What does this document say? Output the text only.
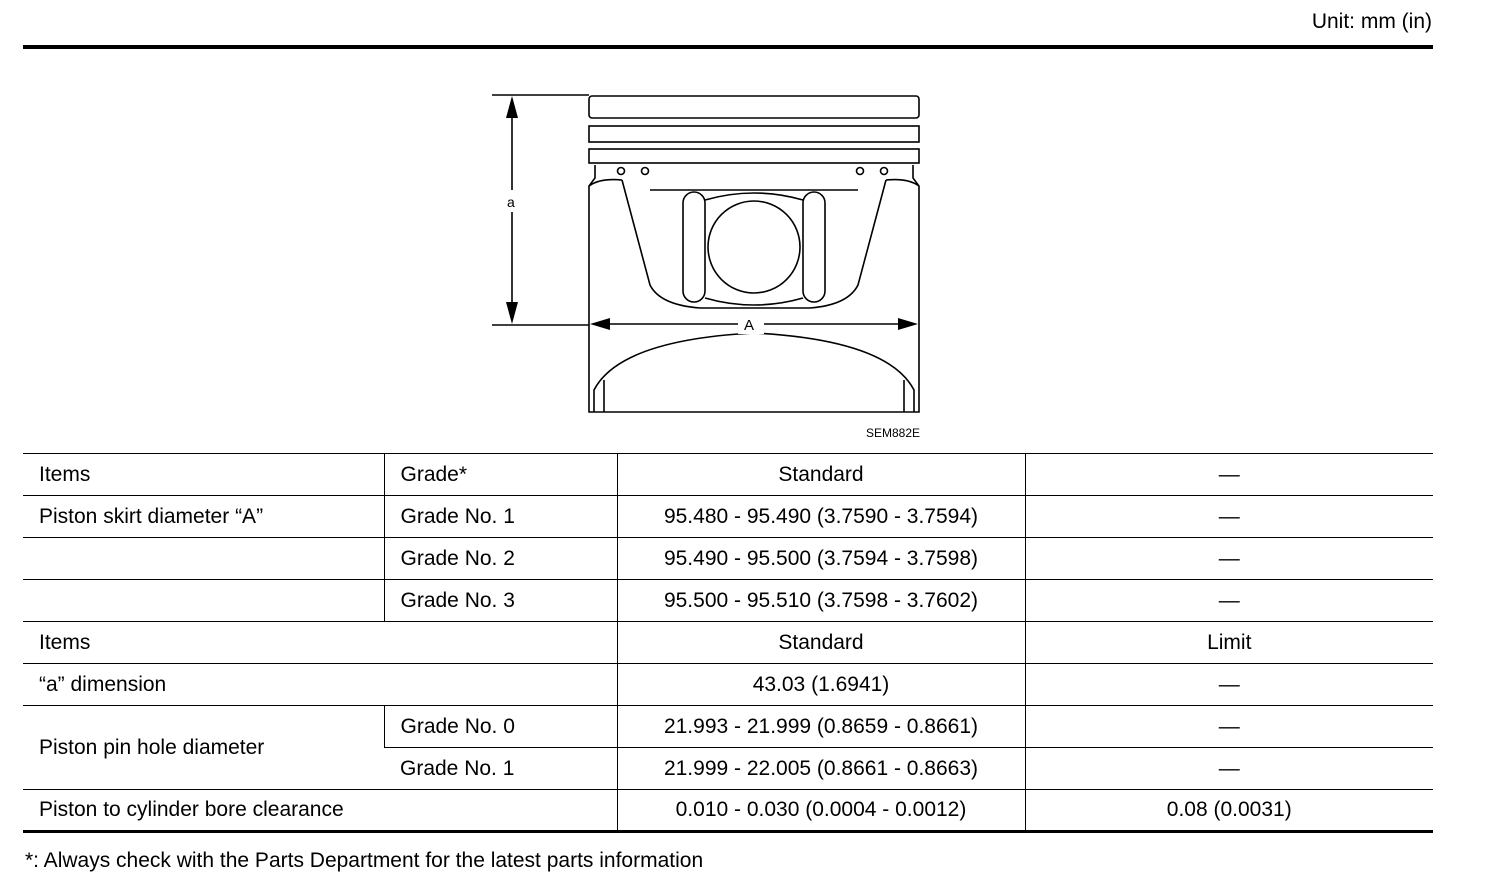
Unit: mm (in)
a
A
SEM882E
Items	Grade*	Standard	—
Piston skirt diameter “A”	Grade No. 1	95.480 - 95.490 (3.7590 - 3.7594)	—
	Grade No. 2	95.490 - 95.500 (3.7594 - 3.7598)	—
	Grade No. 3	95.500 - 95.510 (3.7598 - 3.7602)	—
Items		Standard	Limit
“a” dimension		43.03 (1.6941)	—
Piston pin hole diameter	Grade No. 0	21.993 - 21.999 (0.8659 - 0.8661)	—
	Grade No. 1	21.999 - 22.005 (0.8661 - 0.8663)	—
Piston to cylinder bore clearance		0.010 - 0.030 (0.0004 - 0.0012)	0.08 (0.0031)
*: Always check with the Parts Department for the latest parts information
